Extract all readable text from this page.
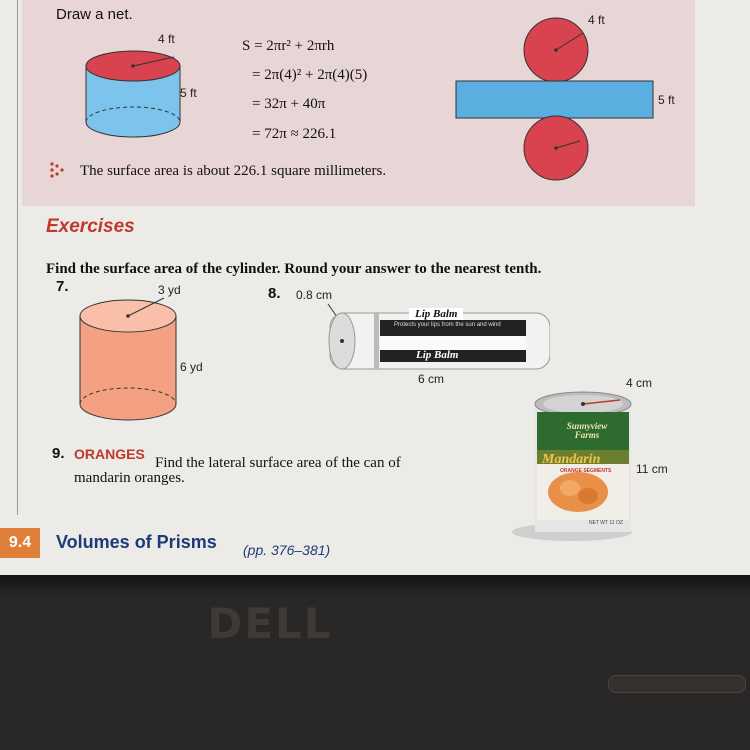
Draw a net.
4 ft
5 ft
S = 2πr² + 2πrh
= 2π(4)² + 2π(4)(5)
= 32π + 40π
= 72π ≈ 226.1
4 ft
5 ft
The surface area is about 226.1 square millimeters.
Exercises
Find the surface area of the cylinder. Round your answer to the nearest tenth.
7.	3 yd
6 yd
8. 0.8 cm
Lip Balm
Protects your lips from the sun and wind
Lip Balm
6 cm
9. ORANGES
Find the lateral surface area of the can of
mandarin oranges.
Sunnyview Farms
Mandarin
ORANGE SEGMENTS
NET WT 11 OZ
4 cm
11 cm
9.4	Volumes of Prisms (pp. 376–381)
DELL
